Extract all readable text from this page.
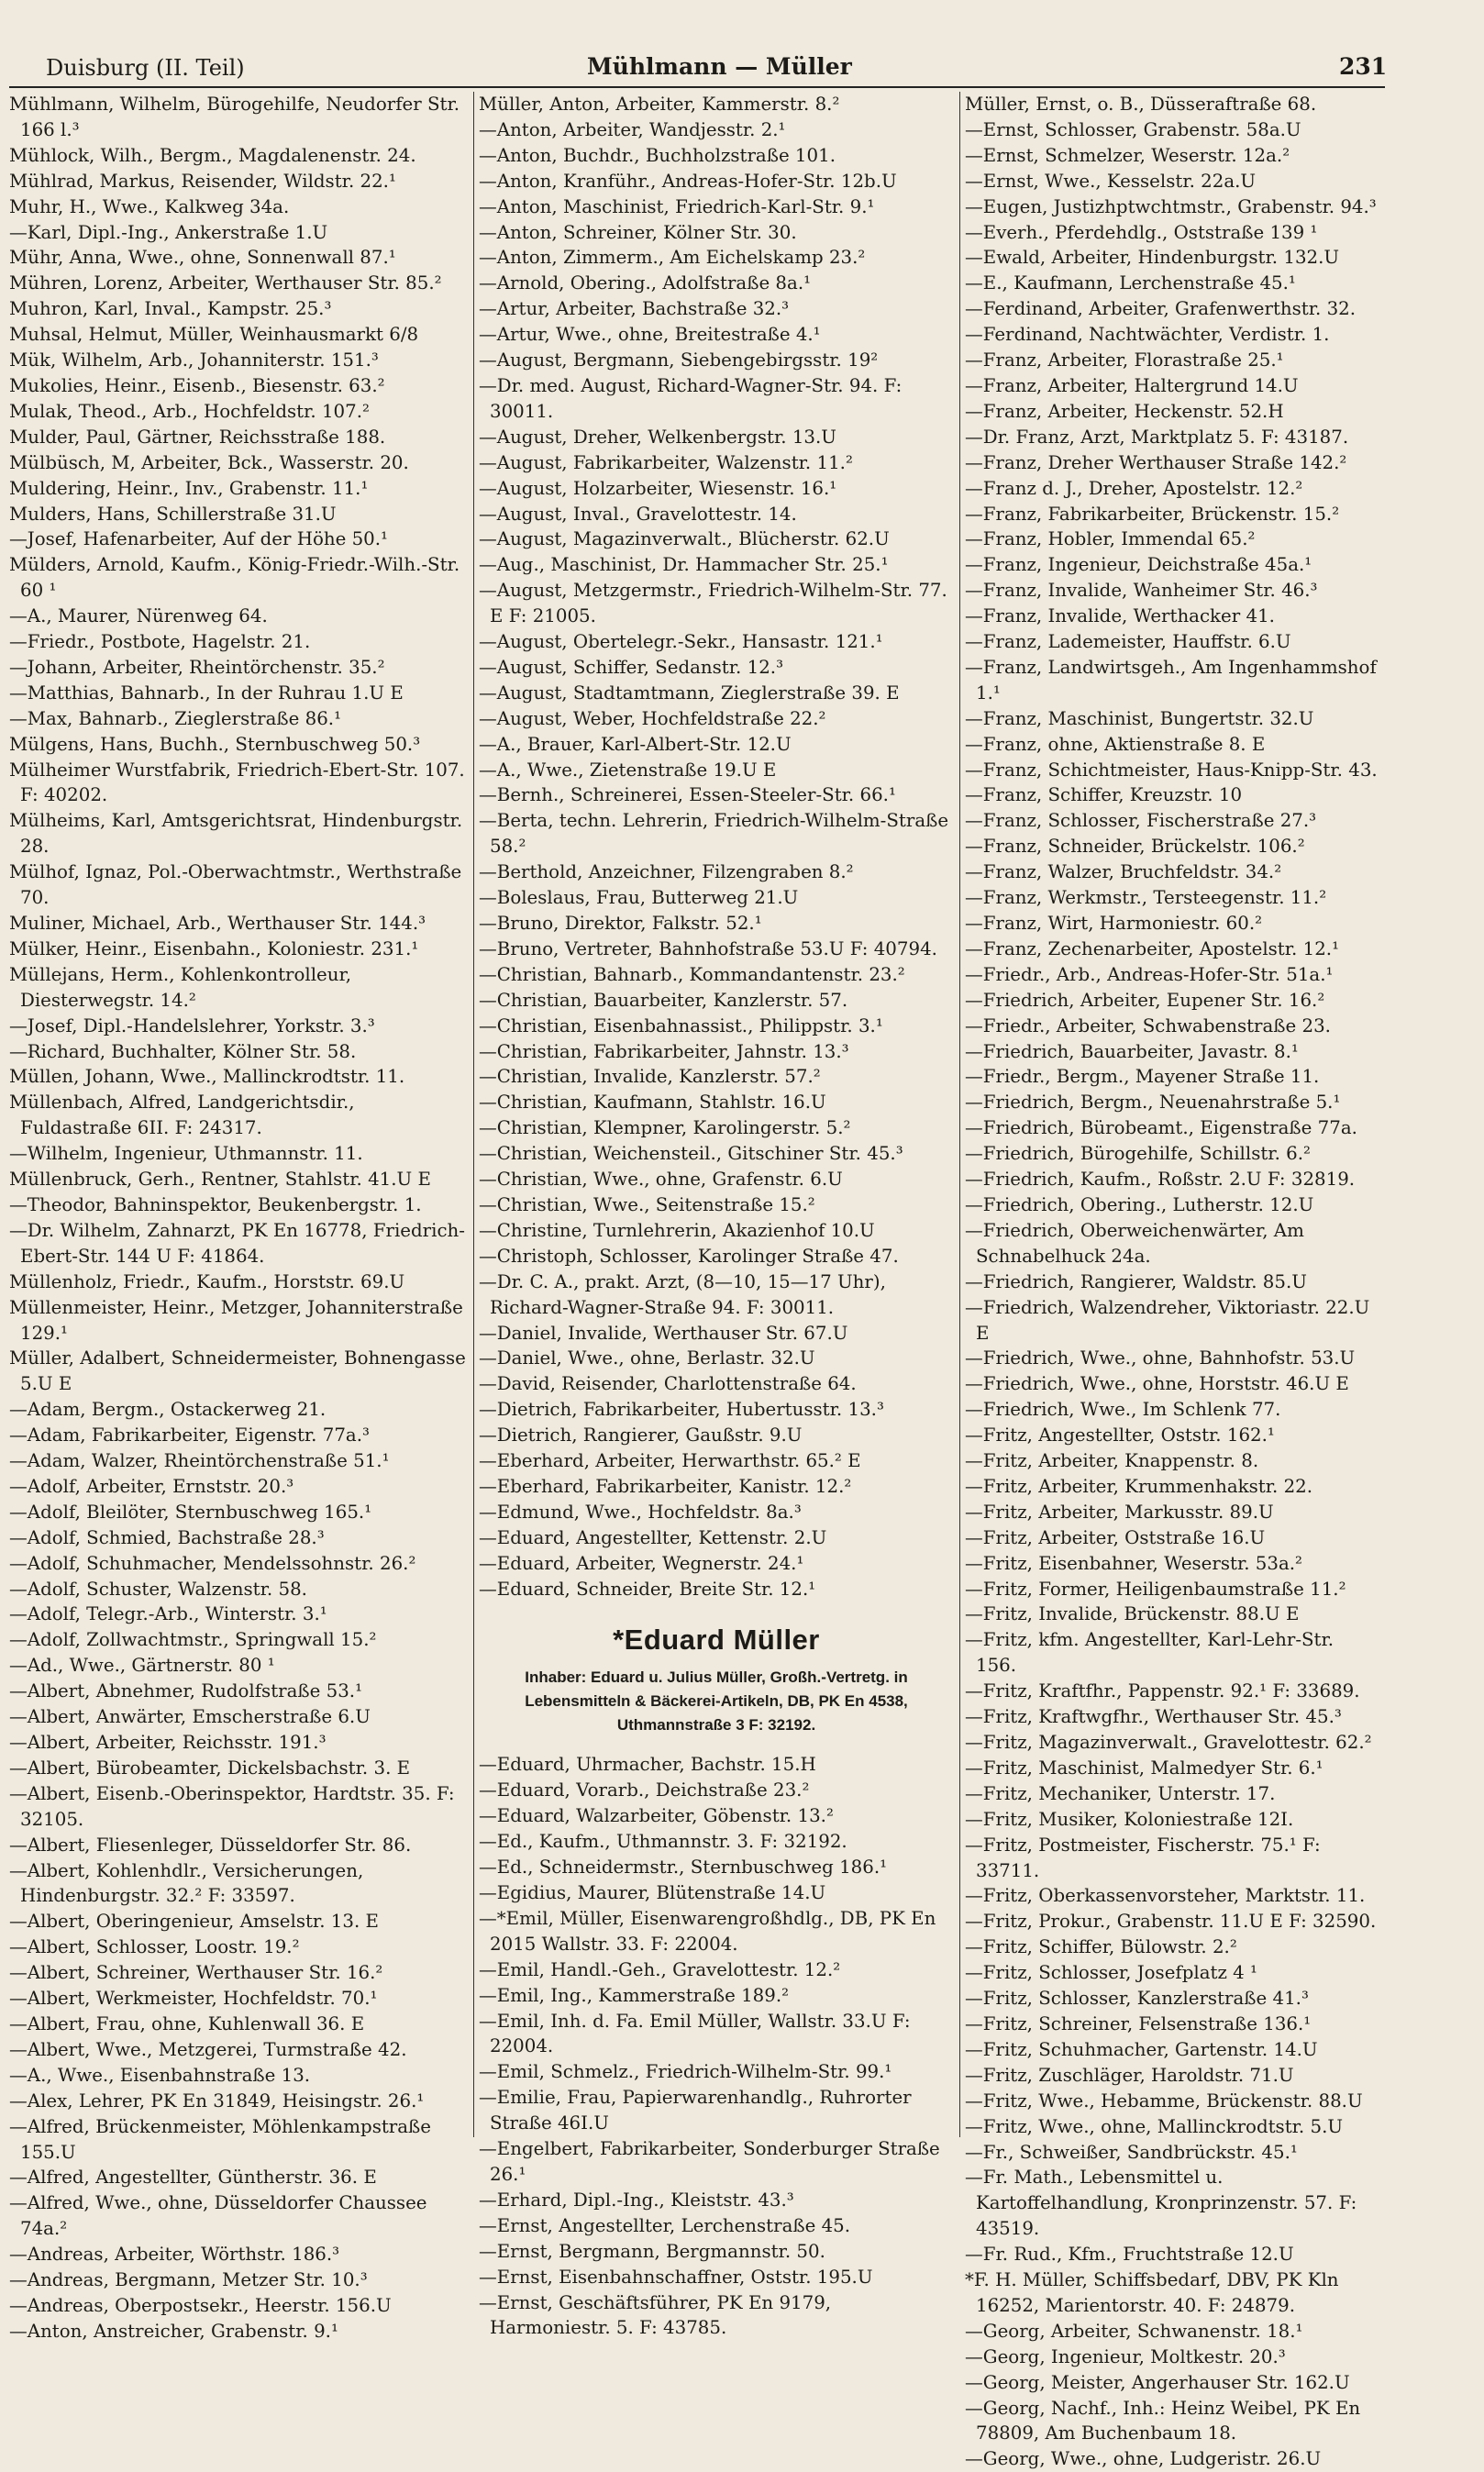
Duisburg (II. Teil)	Mühlmann — Müller	231

Mühlmann, Wilhelm, Bürogehilfe, Neudorfer Str. 166 l.³

Mühlock, Wilh., Bergm., Magdalenenstr. 24.

Mühlrad, Markus, Reisender, Wildstr. 22.¹

Muhr, H., Wwe., Kalkweg 34a.

—Karl, Dipl.-Ing., Ankerstraße 1.U

Mühr, Anna, Wwe., ohne, Sonnenwall 87.¹

Mühren, Lorenz, Arbeiter, Werthauser Str. 85.²

Muhron, Karl, Inval., Kampstr. 25.³

Muhsal, Helmut, Müller, Weinhausmarkt 6/8

Mük, Wilhelm, Arb., Johanniterstr. 151.³

Mukolies, Heinr., Eisenb., Biesenstr. 63.²

Mulak, Theod., Arb., Hochfeldstr. 107.²

Mulder, Paul, Gärtner, Reichsstraße 188.

Mülbüsch, M, Arbeiter, Bck., Wasserstr. 20.

Muldering, Heinr., Inv., Grabenstr. 11.¹

Mulders, Hans, Schillerstraße 31.U

—Josef, Hafenarbeiter, Auf der Höhe 50.¹

Mülders, Arnold, Kaufm., König-Friedr.-Wilh.-Str. 60 ¹

—A., Maurer, Nürenweg 64.

—Friedr., Postbote, Hagelstr. 21.

—Johann, Arbeiter, Rheintörchenstr. 35.²

—Matthias, Bahnarb., In der Ruhrau 1.U E

—Max, Bahnarb., Zieglerstraße 86.¹

Mülgens, Hans, Buchh., Sternbuschweg 50.³

Mülheimer Wurstfabrik, Friedrich-Ebert-Str. 107. F: 40202.

Mülheims, Karl, Amtsgerichtsrat, Hindenburgstr. 28.

Mülhof, Ignaz, Pol.-Oberwachtmstr., Werthstraße 70.

Muliner, Michael, Arb., Werthauser Str. 144.³

Mülker, Heinr., Eisenbahn., Koloniestr. 231.¹

Müllejans, Herm., Kohlenkontrolleur, Diesterwegstr. 14.²

—Josef, Dipl.-Handelslehrer, Yorkstr. 3.³

—Richard, Buchhalter, Kölner Str. 58.

Müllen, Johann, Wwe., Mallinckrodtstr. 11.

Müllenbach, Alfred, Landgerichtsdir., Fuldastraße 6II. F: 24317.

—Wilhelm, Ingenieur, Uthmannstr. 11.

Müllenbruck, Gerh., Rentner, Stahlstr. 41.U E

—Theodor, Bahninspektor, Beukenbergstr. 1.

—Dr. Wilhelm, Zahnarzt, PK En 16778, Friedrich-Ebert-Str. 144 U F: 41864.

Müllenholz, Friedr., Kaufm., Horststr. 69.U

Müllenmeister, Heinr., Metzger, Johanniterstraße 129.¹

Müller, Adalbert, Schneidermeister, Bohnengasse 5.U E

—Adam, Bergm., Ostackerweg 21.

—Adam, Fabrikarbeiter, Eigenstr. 77a.³

—Adam, Walzer, Rheintörchenstraße 51.¹

—Adolf, Arbeiter, Ernststr. 20.³

—Adolf, Bleilöter, Sternbuschweg 165.¹

—Adolf, Schmied, Bachstraße 28.³

—Adolf, Schuhmacher, Mendelssohnstr. 26.²

—Adolf, Schuster, Walzenstr. 58.

—Adolf, Telegr.-Arb., Winterstr. 3.¹

—Adolf, Zollwachtmstr., Springwall 15.²

—Ad., Wwe., Gärtnerstr. 80 ¹

—Albert, Abnehmer, Rudolfstraße 53.¹

—Albert, Anwärter, Emscherstraße 6.U

—Albert, Arbeiter, Reichsstr. 191.³

—Albert, Bürobeamter, Dickelsbachstr. 3. E

—Albert, Eisenb.-Oberinspektor, Hardtstr. 35. F: 32105.

—Albert, Fliesenleger, Düsseldorfer Str. 86.

—Albert, Kohlenhdlr., Versicherungen, Hindenburgstr. 32.² F: 33597.

—Albert, Oberingenieur, Amselstr. 13. E

—Albert, Schlosser, Loostr. 19.²

—Albert, Schreiner, Werthauser Str. 16.²

—Albert, Werkmeister, Hochfeldstr. 70.¹

—Albert, Frau, ohne, Kuhlenwall 36. E

—Albert, Wwe., Metzgerei, Turmstraße 42.

—A., Wwe., Eisenbahnstraße 13.

—Alex, Lehrer, PK En 31849, Heisingstr. 26.¹

—Alfred, Brückenmeister, Möhlenkampstraße 155.U

—Alfred, Angestellter, Güntherstr. 36. E

—Alfred, Wwe., ohne, Düsseldorfer Chaussee 74a.²

—Andreas, Arbeiter, Wörthstr. 186.³

—Andreas, Bergmann, Metzer Str. 10.³

—Andreas, Oberpostsekr., Heerstr. 156.U

—Anton, Anstreicher, Grabenstr. 9.¹

Müller, Anton, Arbeiter, Kammerstr. 8.²

—Anton, Arbeiter, Wandjesstr. 2.¹

—Anton, Buchdr., Buchholzstraße 101.

—Anton, Kranführ., Andreas-Hofer-Str. 12b.U

—Anton, Maschinist, Friedrich-Karl-Str. 9.¹

—Anton, Schreiner, Kölner Str. 30.

—Anton, Zimmerm., Am Eichelskamp 23.²

—Arnold, Obering., Adolfstraße 8a.¹

—Artur, Arbeiter, Bachstraße 32.³

—Artur, Wwe., ohne, Breitestraße 4.¹

—August, Bergmann, Siebengebirgsstr. 19²

—Dr. med. August, Richard-Wagner-Str. 94. F: 30011.

—August, Dreher, Welkenbergstr. 13.U

—August, Fabrikarbeiter, Walzenstr. 11.²

—August, Holzarbeiter, Wiesenstr. 16.¹

—August, Inval., Gravelottestr. 14.

—August, Magazinverwalt., Blücherstr. 62.U

—Aug., Maschinist, Dr. Hammacher Str. 25.¹

—August, Metzgermstr., Friedrich-Wilhelm-Str. 77. E F: 21005.

—August, Obertelegr.-Sekr., Hansastr. 121.¹

—August, Schiffer, Sedanstr. 12.³

—August, Stadtamtmann, Zieglerstraße 39. E

—August, Weber, Hochfeldstraße 22.²

—A., Brauer, Karl-Albert-Str. 12.U

—A., Wwe., Zietenstraße 19.U E

—Bernh., Schreinerei, Essen-Steeler-Str. 66.¹

—Berta, techn. Lehrerin, Friedrich-Wilhelm-Straße 58.²

—Berthold, Anzeichner, Filzengraben 8.²

—Boleslaus, Frau, Butterweg 21.U

—Bruno, Direktor, Falkstr. 52.¹

—Bruno, Vertreter, Bahnhofstraße 53.U F: 40794.

—Christian, Bahnarb., Kommandantenstr. 23.²

—Christian, Bauarbeiter, Kanzlerstr. 57.

—Christian, Eisenbahnassist., Philippstr. 3.¹

—Christian, Fabrikarbeiter, Jahnstr. 13.³

—Christian, Invalide, Kanzlerstr. 57.²

—Christian, Kaufmann, Stahlstr. 16.U

—Christian, Klempner, Karolingerstr. 5.²

—Christian, Weichensteil., Gitschiner Str. 45.³

—Christian, Wwe., ohne, Grafenstr. 6.U

—Christian, Wwe., Seitenstraße 15.²

—Christine, Turnlehrerin, Akazienhof 10.U

—Christoph, Schlosser, Karolinger Straße 47.

—Dr. C. A., prakt. Arzt, (8—10, 15—17 Uhr), Richard-Wagner-Straße 94. F: 30011.

—Daniel, Invalide, Werthauser Str. 67.U

—Daniel, Wwe., ohne, Berlastr. 32.U

—David, Reisender, Charlottenstraße 64.

—Dietrich, Fabrikarbeiter, Hubertusstr. 13.³

—Dietrich, Rangierer, Gaußstr. 9.U

—Eberhard, Arbeiter, Herwarthstr. 65.² E

—Eberhard, Fabrikarbeiter, Kanistr. 12.²

—Edmund, Wwe., Hochfeldstr. 8a.³

—Eduard, Angestellter, Kettenstr. 2.U

—Eduard, Arbeiter, Wegnerstr. 24.¹

—Eduard, Schneider, Breite Str. 12.¹

*Eduard Müller
Inhaber: Eduard u. Julius Müller, Großh.-Vertretg. in Lebensmitteln & Bäckerei-Artikeln, DB, PK En 4538, Uthmannstraße 3 F: 32192.

—Eduard, Uhrmacher, Bachstr. 15.H

—Eduard, Vorarb., Deichstraße 23.²

—Eduard, Walzarbeiter, Göbenstr. 13.²

—Ed., Kaufm., Uthmannstr. 3. F: 32192.

—Ed., Schneidermstr., Sternbuschweg 186.¹

—Egidius, Maurer, Blütenstraße 14.U

—*Emil, Müller, Eisenwarengroßhdlg., DB, PK En 2015 Wallstr. 33. F: 22004.

—Emil, Handl.-Geh., Gravelottestr. 12.²

—Emil, Ing., Kammerstraße 189.²

—Emil, Inh. d. Fa. Emil Müller, Wallstr. 33.U F: 22004.

—Emil, Schmelz., Friedrich-Wilhelm-Str. 99.¹

—Emilie, Frau, Papierwarenhandlg., Ruhrorter Straße 46I.U

—Engelbert, Fabrikarbeiter, Sonderburger Straße 26.¹

—Erhard, Dipl.-Ing., Kleiststr. 43.³

—Ernst, Angestellter, Lerchenstraße 45.

—Ernst, Bergmann, Bergmannstr. 50.

—Ernst, Eisenbahnschaffner, Oststr. 195.U

—Ernst, Geschäftsführer, PK En 9179, Harmoniestr. 5. F: 43785.

Müller, Ernst, o. B., Düsseraftraße 68.

—Ernst, Schlosser, Grabenstr. 58a.U

—Ernst, Schmelzer, Weserstr. 12a.²

—Ernst, Wwe., Kesselstr. 22a.U

—Eugen, Justizhptwchtmstr., Grabenstr. 94.³

—Everh., Pferdehdlg., Oststraße 139 ¹

—Ewald, Arbeiter, Hindenburgstr. 132.U

—E., Kaufmann, Lerchenstraße 45.¹

—Ferdinand, Arbeiter, Grafenwerthstr. 32.

—Ferdinand, Nachtwächter, Verdistr. 1.

—Franz, Arbeiter, Florastraße 25.¹

—Franz, Arbeiter, Haltergrund 14.U

—Franz, Arbeiter, Heckenstr. 52.H

—Dr. Franz, Arzt, Marktplatz 5. F: 43187.

—Franz, Dreher Werthauser Straße 142.²

—Franz d. J., Dreher, Apostelstr. 12.²

—Franz, Fabrikarbeiter, Brückenstr. 15.²

—Franz, Hobler, Immendal 65.²

—Franz, Ingenieur, Deichstraße 45a.¹

—Franz, Invalide, Wanheimer Str. 46.³

—Franz, Invalide, Werthacker 41.

—Franz, Lademeister, Hauffstr. 6.U

—Franz, Landwirtsgeh., Am Ingenhammshof 1.¹

—Franz, Maschinist, Bungertstr. 32.U

—Franz, ohne, Aktienstraße 8. E

—Franz, Schichtmeister, Haus-Knipp-Str. 43.

—Franz, Schiffer, Kreuzstr. 10

—Franz, Schlosser, Fischerstraße 27.³

—Franz, Schneider, Brückelstr. 106.²

—Franz, Walzer, Bruchfeldstr. 34.²

—Franz, Werkmstr., Tersteegenstr. 11.²

—Franz, Wirt, Harmoniestr. 60.²

—Franz, Zechenarbeiter, Apostelstr. 12.¹

—Friedr., Arb., Andreas-Hofer-Str. 51a.¹

—Friedrich, Arbeiter, Eupener Str. 16.²

—Friedr., Arbeiter, Schwabenstraße 23.

—Friedrich, Bauarbeiter, Javastr. 8.¹

—Friedr., Bergm., Mayener Straße 11.

—Friedrich, Bergm., Neuenahrstraße 5.¹

—Friedrich, Bürobeamt., Eigenstraße 77a.

—Friedrich, Bürogehilfe, Schillstr. 6.²

—Friedrich, Kaufm., Roßstr. 2.U F: 32819.

—Friedrich, Obering., Lutherstr. 12.U

—Friedrich, Oberweichenwärter, Am Schnabelhuck 24a.

—Friedrich, Rangierer, Waldstr. 85.U

—Friedrich, Walzendreher, Viktoriastr. 22.U E

—Friedrich, Wwe., ohne, Bahnhofstr. 53.U

—Friedrich, Wwe., ohne, Horststr. 46.U E

—Friedrich, Wwe., Im Schlenk 77.

—Fritz, Angestellter, Oststr. 162.¹

—Fritz, Arbeiter, Knappenstr. 8.

—Fritz, Arbeiter, Krummenhakstr. 22.

—Fritz, Arbeiter, Markusstr. 89.U

—Fritz, Arbeiter, Oststraße 16.U

—Fritz, Eisenbahner, Weserstr. 53a.²

—Fritz, Former, Heiligenbaumstraße 11.²

—Fritz, Invalide, Brückenstr. 88.U E

—Fritz, kfm. Angestellter, Karl-Lehr-Str. 156.

—Fritz, Kraftfhr., Pappenstr. 92.¹ F: 33689.

—Fritz, Kraftwgfhr., Werthauser Str. 45.³

—Fritz, Magazinverwalt., Gravelottestr. 62.²

—Fritz, Maschinist, Malmedyer Str. 6.¹

—Fritz, Mechaniker, Unterstr. 17.

—Fritz, Musiker, Koloniestraße 12I.

—Fritz, Postmeister, Fischerstr. 75.¹ F: 33711.

—Fritz, Oberkassenvorsteher, Marktstr. 11.

—Fritz, Prokur., Grabenstr. 11.U E F: 32590.

—Fritz, Schiffer, Bülowstr. 2.²

—Fritz, Schlosser, Josefplatz 4 ¹

—Fritz, Schlosser, Kanzlerstraße 41.³

—Fritz, Schreiner, Felsenstraße 136.¹

—Fritz, Schuhmacher, Gartenstr. 14.U

—Fritz, Zuschläger, Haroldstr. 71.U

—Fritz, Wwe., Hebamme, Brückenstr. 88.U

—Fritz, Wwe., ohne, Mallinckrodtstr. 5.U

—Fr., Schweißer, Sandbrückstr. 45.¹

—Fr. Math., Lebensmittel u. Kartoffelhandlung, Kronprinzenstr. 57. F: 43519.

—Fr. Rud., Kfm., Fruchtstraße 12.U

*F. H. Müller, Schiffsbedarf, DBV, PK Kln 16252, Marientorstr. 40. F: 24879.

—Georg, Arbeiter, Schwanenstr. 18.¹

—Georg, Ingenieur, Moltkestr. 20.³

—Georg, Meister, Angerhauser Str. 162.U

—Georg, Nachf., Inh.: Heinz Weibel, PK En 78809, Am Buchenbaum 18.

—Georg, Wwe., ohne, Ludgeristr. 26.U
